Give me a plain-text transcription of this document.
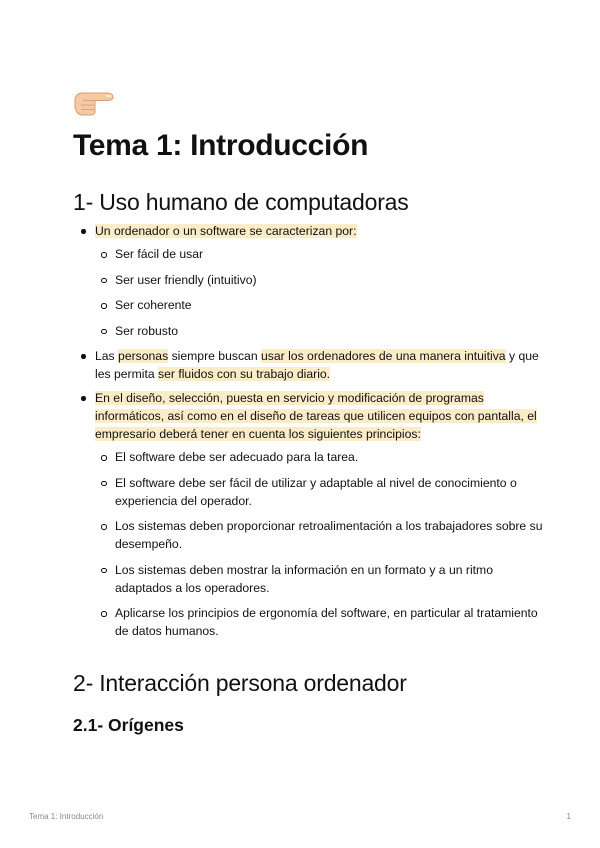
Tema 1: Introducción
1- Uso humano de computadoras
Un ordenador o un software se caracterizan por:
Ser fácil de usar
Ser user friendly (intuitivo)
Ser coherente
Ser robusto
Las personas siempre buscan usar los ordenadores de una manera intuitiva y que les permita ser fluidos con su trabajo diario.
En el diseño, selección, puesta en servicio y modificación de programas informáticos, así como en el diseño de tareas que utilicen equipos con pantalla, el empresario deberá tener en cuenta los siguientes principios:
El software debe ser adecuado para la tarea.
El software debe ser fácil de utilizar y adaptable al nivel de conocimiento o experiencia del operador.
Los sistemas deben proporcionar retroalimentación a los trabajadores sobre su desempeño.
Los sistemas deben mostrar la información en un formato y a un ritmo adaptados a los operadores.
Aplicarse los principios de ergonomía del software, en particular al tratamiento de datos humanos.
2- Interacción persona ordenador
2.1- Orígenes
Tema 1: Introducción	1
